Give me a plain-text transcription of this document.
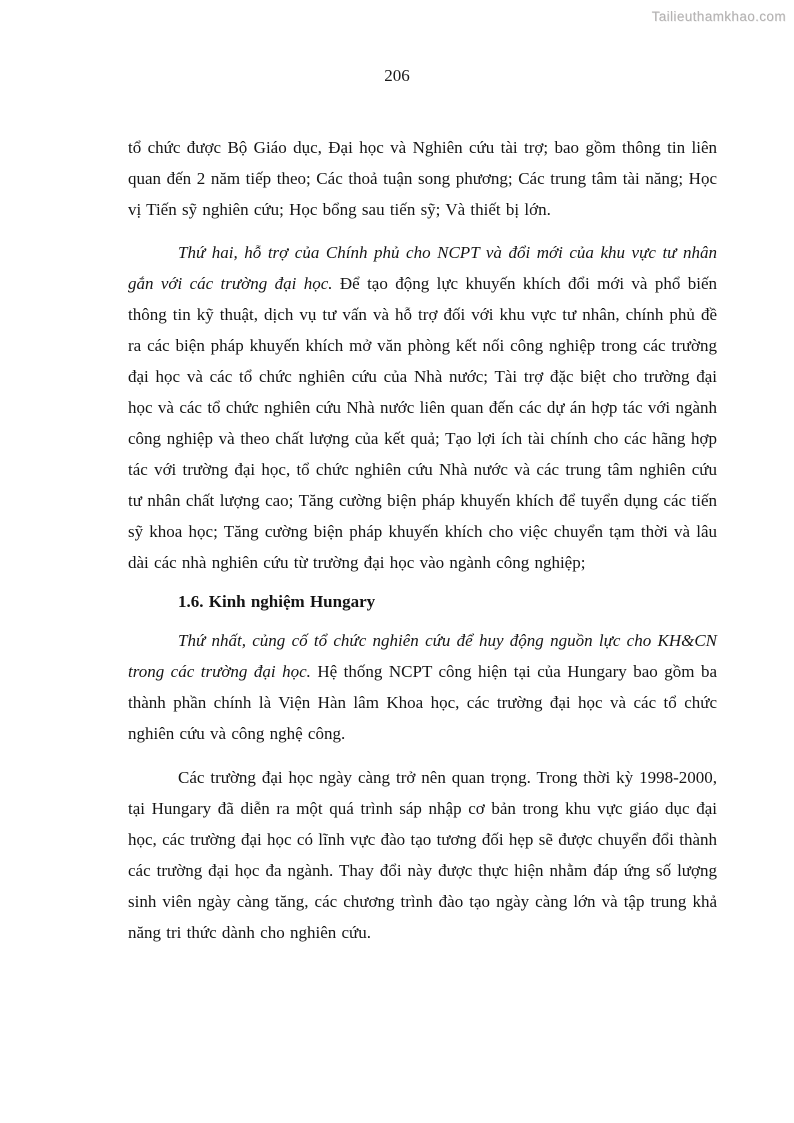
Tailieuthamkhao.com
206

tổ chức được Bộ Giáo dục, Đại học và Nghiên cứu tài trợ; bao gồm thông tin liên quan đến 2 năm tiếp theo; Các thoả tuận song phương; Các trung tâm tài năng; Học vị Tiến sỹ nghiên cứu; Học bổng sau tiến sỹ; Và thiết bị lớn.

Thứ hai, hỗ trợ của Chính phủ cho NCPT và đổi mới của khu vực tư nhân gắn với các trường đại học. Để tạo động lực khuyến khích đổi mới và phổ biến thông tin kỹ thuật, dịch vụ tư vấn và hỗ trợ đối với khu vực tư nhân, chính phủ đề ra các biện pháp khuyến khích mở văn phòng kết nối công nghiệp trong các trường đại học và các tổ chức nghiên cứu của Nhà nước; Tài trợ đặc biệt cho trường đại học và các tổ chức nghiên cứu Nhà nước liên quan đến các dự án hợp tác với ngành công nghiệp và theo chất lượng của kết quả; Tạo lợi ích tài chính cho các hãng hợp tác với trường đại học, tổ chức nghiên cứu Nhà nước và các trung tâm nghiên cứu tư nhân chất lượng cao; Tăng cường biện pháp khuyến khích để tuyển dụng các tiến sỹ khoa học; Tăng cường biện pháp khuyến khích cho việc chuyển tạm thời và lâu dài các nhà nghiên cứu từ trường đại học vào ngành công nghiệp;

1.6. Kinh nghiệm Hungary

Thứ nhất, củng cố tổ chức nghiên cứu để huy động nguồn lực cho KH&CN trong các trường đại học. Hệ thống NCPT công hiện tại của Hungary bao gồm ba thành phần chính là Viện Hàn lâm Khoa học, các trường đại học và các tổ chức nghiên cứu và công nghệ công.

Các trường đại học ngày càng trở nên quan trọng. Trong thời kỳ 1998-2000, tại Hungary đã diễn ra một quá trình sáp nhập cơ bản trong khu vực giáo dục đại học, các trường đại học có lĩnh vực đào tạo tương đối hẹp sẽ được chuyển đổi thành các trường đại học đa ngành. Thay đổi này được thực hiện nhằm đáp ứng số lượng sinh viên ngày càng tăng, các chương trình đào tạo ngày càng lớn và tập trung khả năng tri thức dành cho nghiên cứu.
